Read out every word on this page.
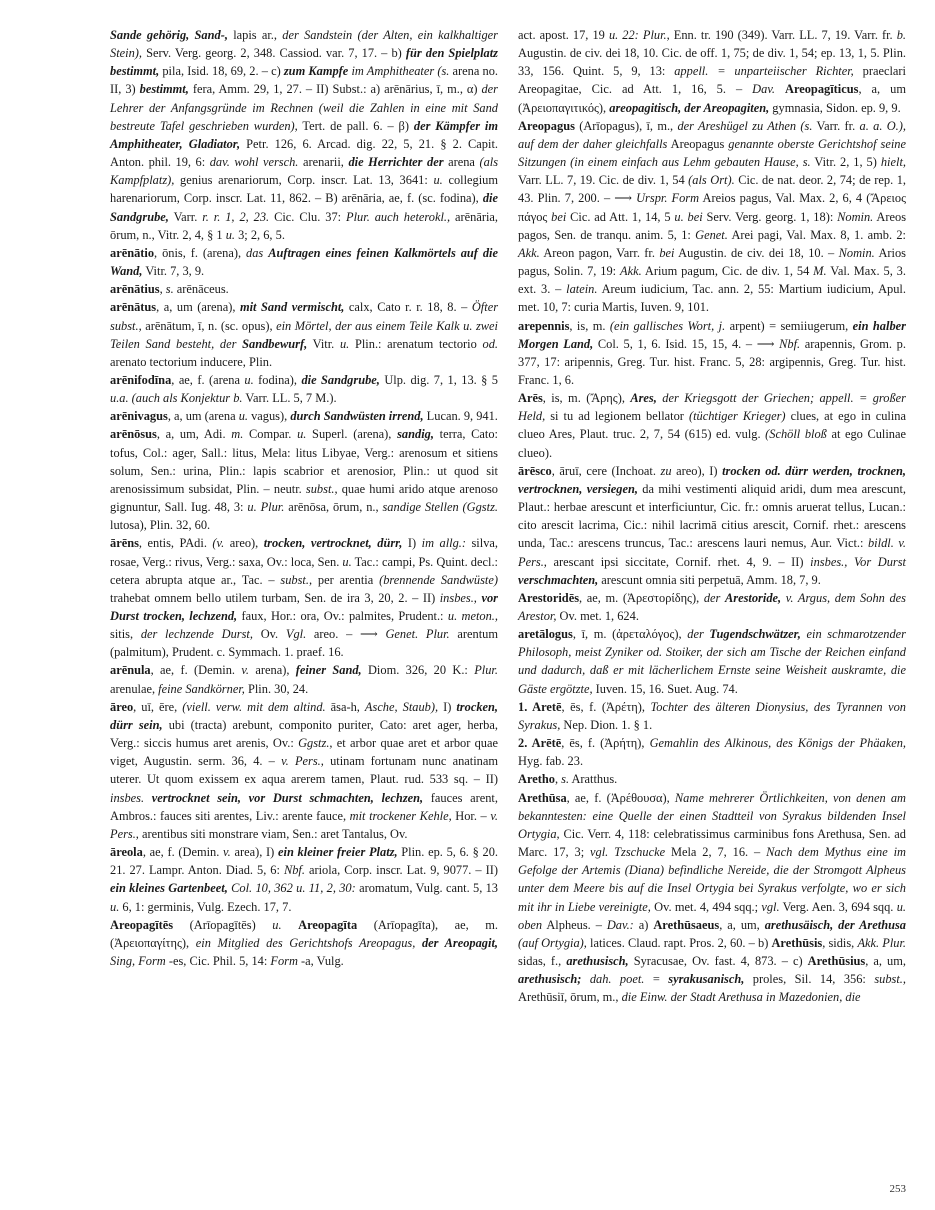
Sande gehörig, Sand-, lapis ar., der Sandstein (der Alten, ein kalkhaltiger Stein), Serv. Verg. georg. 2, 348. Cassiod. var. 7, 17. – b) für den Spielplatz bestimmt, pila, Isid. 18, 69, 2. – c) zum Kampfe im Amphitheater (s. arena no. II, 3) bestimmt, fera, Amm. 29, 1, 27. – II) Subst.: a) arēnārius, ī, m., α) der Lehrer der Anfangsgründe im Rechnen (weil die Zahlen in eine mit Sand bestreute Tafel geschrieben wurden), Tert. de pall. 6. – β) der Kämpfer im Amphitheater, Gladiator, Petr. 126, 6. Arcad. dig. 22, 5, 21. § 2. Capit. Anton. phil. 19, 6: dav. wohl versch. arenarii, die Herrichter der arena (als Kampfplatz), genius arenariorum, Corp. inscr. Lat. 13, 3641: u. collegium harenariorum, Corp. inscr. Lat. 11, 862. – B) arēnāria, ae, f. (sc. fodina), die Sandgrube, Varr. r. r. 1, 2, 23. Cic. Clu. 37: Plur. auch heterokl., arēnāria, ōrum, n., Vitr. 2, 4, § 1 u. 3; 2, 6, 5.

arēnātio, ōnis, f. (arena), das Auftragen eines feinen Kalkmörtels auf die Wand, Vitr. 7, 3, 9.

arēnātius, s. arēnāceus.

arēnātus, a, um (arena), mit Sand vermischt, calx, Cato r. r. 18, 8. – Öfter subst., arēnātum, ī, n. (sc. opus), ein Mörtel, der aus einem Teile Kalk u. zwei Teilen Sand besteht, der Sandbewurf, Vitr. u. Plin.: arenatum tectorio od. arenato tectorium inducere, Plin.

arēnifodīna, ae, f. (arena u. fodina), die Sandgrube, Ulp. dig. 7, 1, 13. § 5 u.a. (auch als Konjektur b. Varr. LL. 5, 7 M.).

arēnivagus, a, um (arena u. vagus), durch Sandwüsten irrend, Lucan. 9, 941.

arēnōsus, a, um, Adi. m. Compar. u. Superl. (arena), sandig, terra, Cato: tofus, Col.: ager, Sall.: litus, Mela: litus Libyae, Verg.: arenosum et sitiens solum, Sen.: urina, Plin.: lapis scabrior et arenosior, Plin.: ut quod sit arenosissimum subsidat, Plin. – neutr. subst., quae humi arido atque arenoso gignuntur, Sall. Iug. 48, 3: u. Plur. arēnōsa, ōrum, n., sandige Stellen (Ggstz. lutosa), Plin. 32, 60.

ārēns, entis, PAdi. (v. areo), trocken, vertrocknet, dürr, I) im allg.: silva, rosae, Verg.: rivus, Verg.: saxa, Ov.: loca, Sen. u. Tac.: campi, Ps. Quint. decl.: cetera abrupta atque ar., Tac. – subst., per arentia (brennende Sandwüste) trahebat omnem bello utilem turbam, Sen. de ira 3, 20, 2. – II) insbes., vor Durst trocken, lechzend, faux, Hor.: ora, Ov.: palmites, Prudent.: u. meton., sitis, der lechzende Durst, Ov. Vgl. areo. – ⟶ Genet. Plur. arentum (palmitum), Prudent. c. Symmach. 1. praef. 16.

arēnula, ae, f. (Demin. v. arena), feiner Sand, Diom. 326, 20 K.: Plur. arenulae, feine Sandkörner, Plin. 30, 24.

āreo, uī, ēre, (viell. verw. mit dem altind. āsa-h, Asche, Staub), I) trocken, dürr sein, ubi (tracta) arebunt, componito puriter, Cato: aret ager, herba, Verg.: siccis humus aret arenis, Ov.: Ggstz., et arbor quae aret et arbor quae viget, Augustin. serm. 36, 4. – v. Pers., utinam fortunam nunc anatinam uterer. Ut quom exissem ex aqua arerem tamen, Plaut. rud. 533 sq. – II) insbes. vertrocknet sein, vor Durst schmachten, lechzen, fauces arent, Ambros.: fauces siti arentes, Liv.: arente fauce, mit trockener Kehle, Hor. – v. Pers., arentibus siti monstrare viam, Sen.: aret Tantalus, Ov.

āreola, ae, f. (Demin. v. area), I) ein kleiner freier Platz, Plin. ep. 5, 6. § 20. 21. 27. Lampr. Anton. Diad. 5, 6: Nbf. ariola, Corp. inscr. Lat. 9, 9077. – II) ein kleines Gartenbeet, Col. 10, 362 u. 11, 2, 30: aromatum, Vulg. cant. 5, 13 u. 6, 1: germinis, Vulg. Ezech. 17, 7.

Areopagītēs (Arīopagītēs) u. Areopagīta (Arīopagīta), ae, m. (Ἀρειοπαγίτης), ein Mitglied des Gerichtshofs Areopagus, der Areopagit, Sing, Form -es, Cic. Phil. 5, 14: Form -a, Vulg.

act. apost. 17, 19 u. 22: Plur., Enn. tr. 190 (349). Varr. LL. 7, 19. Varr. fr. b. Augustin. de civ. dei 18, 10. Cic. de off. 1, 75; de div. 1, 54; ep. 13, 1, 5. Plin. 33, 156. Quint. 5, 9, 13: appell. = unparteiischer Richter, praeclari Areopagitae, Cic. ad Att. 1, 16, 5. – Dav. Areopagīticus, a, um (Ἀρειοπαγιτικός), areopagitisch, der Areopagiten, gymnasia, Sidon. ep. 9, 9.

Areopagus (Arīopagus), ī, m., der Areshügel zu Athen (s. Varr. fr. a. a. O.), auf dem der daher gleichfalls Areopagus genannte oberste Gerichtshof seine Sitzungen (in einem einfach aus Lehm gebauten Hause, s. Vitr. 2, 1, 5) hielt, Varr. LL. 7, 19. Cic. de div. 1, 54 (als Ort). Cic. de nat. deor. 2, 74; de rep. 1, 43. Plin. 7, 200. – ⟶ Urspr. Form Areios pagus, Val. Max. 2, 6, 4 (Ἄρειος πάγος bei Cic. ad Att. 1, 14, 5 u. bei Serv. Verg. georg. 1, 18): Nomin. Areos pagos, Sen. de tranqu. anim. 5, 1: Genet. Arei pagi, Val. Max. 8, 1. amb. 2: Akk. Areon pagon, Varr. fr. bei Augustin. de civ. dei 18, 10. – Nomin. Arios pagus, Solin. 7, 19: Akk. Arium pagum, Cic. de div. 1, 54 M. Val. Max. 5, 3. ext. 3. – latein. Areum iudicium, Tac. ann. 2, 55: Martium iudicium, Apul. met. 10, 7: curia Martis, Iuven. 9, 101.

arepennis, is, m. (ein gallisches Wort, j. arpent) = semiiugerum, ein halber Morgen Land, Col. 5, 1, 6. Isid. 15, 15, 4. – ⟶ Nbf. arapennis, Grom. p. 377, 17: aripennis, Greg. Tur. hist. Franc. 5, 28: argipennis, Greg. Tur. hist. Franc. 1, 6.

Arēs, is, m. (Ἄρης), Ares, der Kriegsgott der Griechen; appell. = großer Held, si tu ad legionem bellator (tüchtiger Krieger) clues, at ego in culina clueo Ares, Plaut. truc. 2, 7, 54 (615) ed. vulg. (Schöll bloß at ego Culinae clueo).

ārēsco, āruī, cere (Inchoat. zu areo), I) trocken od. dürr werden, trocknen, vertrocknen, versiegen, da mihi vestimenti aliquid aridi, dum mea arescunt, Plaut.: herbae arescunt et interficiuntur, Cic. fr.: omnis aruerat tellus, Lucan.: cito arescit lacrima, Cic.: nihil lacrimā citius arescit, Cornif. rhet.: arescens unda, Tac.: arescens truncus, Tac.: arescens lauri nemus, Aur. Vict.: bildl. v. Pers., arescant ipsi siccitate, Cornif. rhet. 4, 9. – II) insbes., Vor Durst verschmachten, arescunt omnia siti perpetuā, Amm. 18, 7, 9.

Arestoridēs, ae, m. (Ἀρεστορίδης), der Arestoride, v. Argus, dem Sohn des Arestor, Ov. met. 1, 624.

aretālogus, ī, m. (ἀρεταλόγος), der Tugendschwätzer, ein schmarotzender Philosoph, meist Zyniker od. Stoiker, der sich am Tische der Reichen einfand und dadurch, daß er mit lächerlichem Ernste seine Weisheit auskramte, die Gäste ergötzte, Iuven. 15, 16. Suet. Aug. 74.

1. Aretē, ēs, f. (Ἀρέτη), Tochter des älteren Dionysius, des Tyrannen von Syrakus, Nep. Dion. 1. § 1.

2. Arētē, ēs, f. (Ἀρήτη), Gemahlin des Alkinous, des Königs der Phäaken, Hyg. fab. 23.

Aretho, s. Aratthus.

Arethūsa, ae, f. (Ἀρέθουσα), Name mehrerer Örtlichkeiten, von denen am bekanntesten: eine Quelle der einen Stadtteil von Syrakus bildenden Insel Ortygia, Cic. Verr. 4, 118: celebratissimus carminibus fons Arethusa, Sen. ad Marc. 17, 3; vgl. Tzschucke Mela 2, 7, 16. – Nach dem Mythus eine im Gefolge der Artemis (Diana) befindliche Nereide, die der Stromgott Alpheus unter dem Meere bis auf die Insel Ortygia bei Syrakus verfolgte, wo er sich mit ihr in Liebe vereinigte, Ov. met. 4, 494 sqq.; vgl. Verg. Aen. 3, 694 sqq. u. oben Alpheus. – Dav.: a) Arethūsaeus, a, um, arethusäisch, der Arethusa (auf Ortygia), latices. Claud. rapt. Pros. 2, 60. – b) Arethūsis, sidis, Akk. Plur. sidas, f., arethusisch, Syracusae, Ov. fast. 4, 873. – c) Arethūsius, a, um, arethusisch; dah. poet. = syrakusanisch, proles, Sil. 14, 356: subst., Arethūsiī, ōrum, m., die Einw. der Stadt Arethusa in Mazedonien, die

253
